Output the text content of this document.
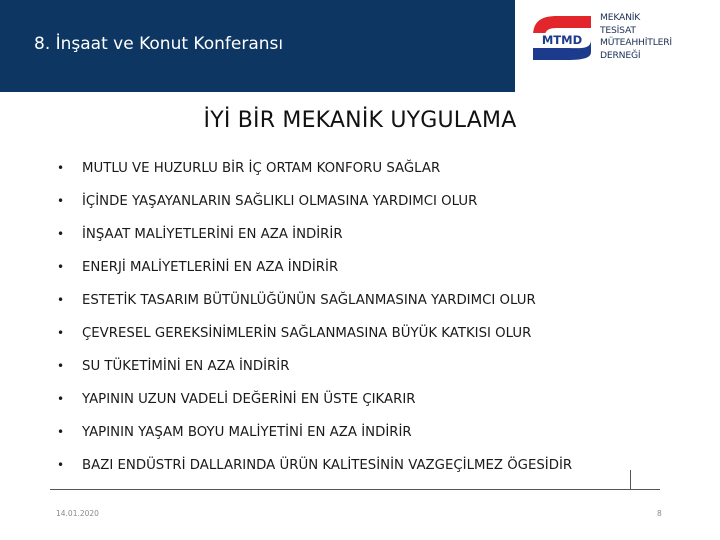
8. İnşaat ve Konut Konferansı	MTMD
MEKANİK
TESİSAT
MÜTEAHHİTLERİ
DERNEĞİ
İYİ BİR MEKANİK UYGULAMA
•	MUTLU VE HUZURLU BİR İÇ ORTAM KONFORU SAĞLAR
•	İÇİNDE YAŞAYANLARIN SAĞLIKLI OLMASINA YARDIMCI OLUR
•	İNŞAAT MALİYETLERİNİ EN AZA İNDİRİR
•	ENERJİ MALİYETLERİNİ EN AZA İNDİRİR
•	ESTETİK TASARIM BÜTÜNLÜĞÜNÜN SAĞLANMASINA YARDIMCI OLUR
•	ÇEVRESEL GEREKSİNİMLERİN SAĞLANMASINA BÜYÜK KATKISI OLUR
•	SU TÜKETİMİNİ EN AZA İNDİRİR
•	YAPININ UZUN VADELİ DEĞERİNİ EN ÜSTE ÇIKARIR
•	YAPININ YAŞAM BOYU MALİYETİNİ EN AZA İNDİRİR
•	BAZI ENDÜSTRİ DALLARINDA ÜRÜN KALİTESİNİN VAZGEÇİLMEZ ÖGESİDİR
14.01.2020	8
